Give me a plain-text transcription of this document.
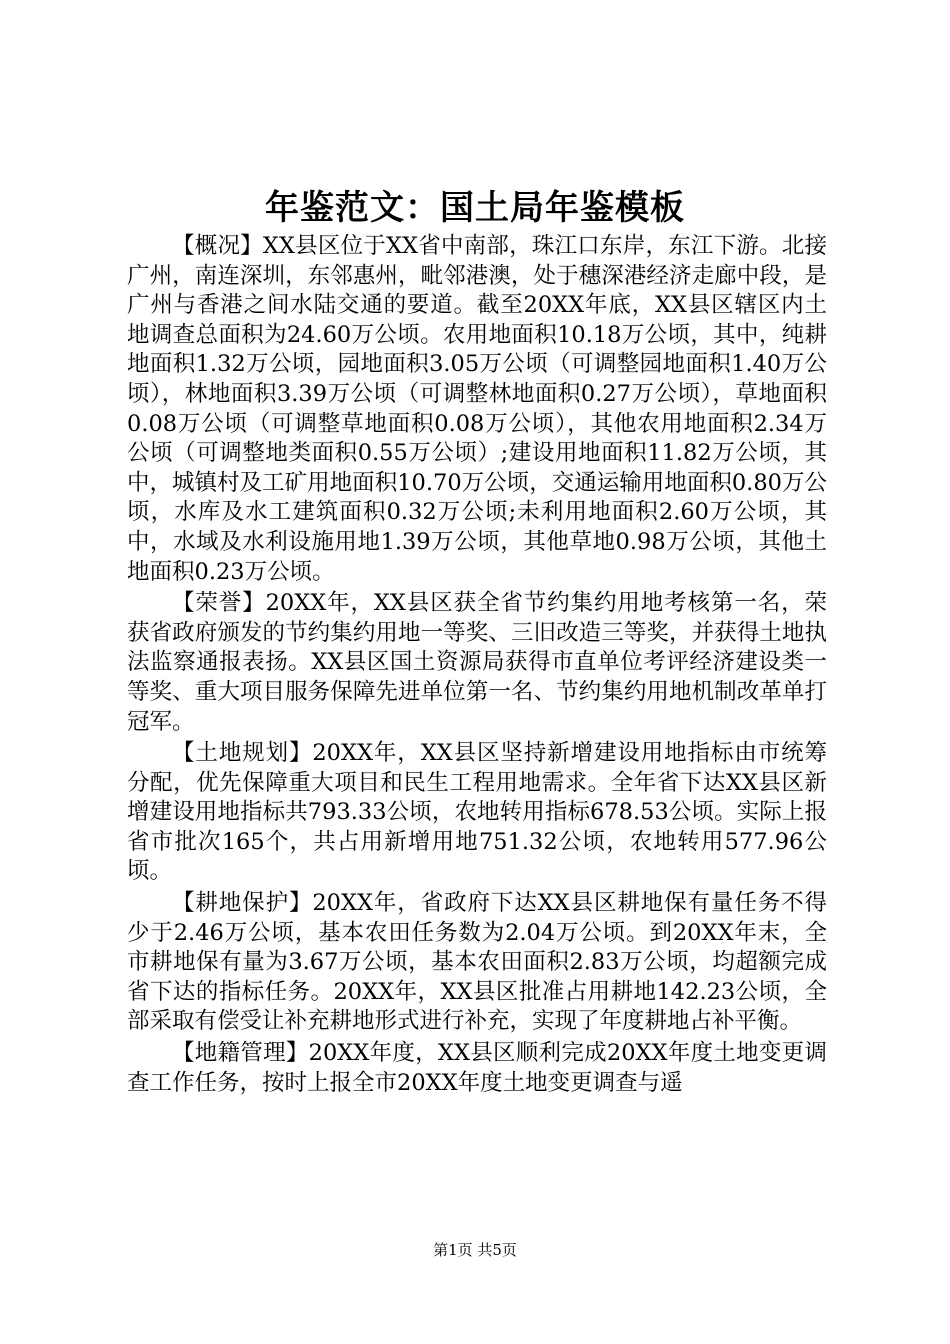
年鉴范文：国土局年鉴模板

【概况】XX县区位于XX省中南部，珠江口东岸，东江下游。北接广州，南连深圳，东邻惠州，毗邻港澳，处于穗深港经济走廊中段，是广州与香港之间水陆交通的要道。截至20XX年底，XX县区辖区内土地调查总面积为24.60万公顷。农用地面积10.18万公顷，其中，纯耕地面积1.32万公顷，园地面积3.05万公顷（可调整园地面积1.40万公顷），林地面积3.39万公顷（可调整林地面积0.27万公顷），草地面积0.08万公顷（可调整草地面积0.08万公顷），其他农用地面积2.34万公顷（可调整地类面积0.55万公顷）;建设用地面积11.82万公顷，其中，城镇村及工矿用地面积10.70万公顷，交通运输用地面积0.80万公顷，水库及水工建筑面积0.32万公顷;未利用地面积2.60万公顷，其中，水域及水利设施用地1.39万公顷，其他草地0.98万公顷，其他土地面积0.23万公顷。

【荣誉】20XX年，XX县区获全省节约集约用地考核第一名，荣获省政府颁发的节约集约用地一等奖、三旧改造三等奖，并获得土地执法监察通报表扬。XX县区国土资源局获得市直单位考评经济建设类一等奖、重大项目服务保障先进单位第一名、节约集约用地机制改革单打冠军。

【土地规划】20XX年，XX县区坚持新增建设用地指标由市统筹分配，优先保障重大项目和民生工程用地需求。全年省下达XX县区新增建设用地指标共793.33公顷，农地转用指标678.53公顷。实际上报省市批次165个，共占用新增用地751.32公顷，农地转用577.96公顷。

【耕地保护】20XX年，省政府下达XX县区耕地保有量任务不得少于2.46万公顷，基本农田任务数为2.04万公顷。到20XX年末，全市耕地保有量为3.67万公顷，基本农田面积2.83万公顷，均超额完成省下达的指标任务。20XX年，XX县区批准占用耕地142.23公顷，全部采取有偿受让补充耕地形式进行补充，实现了年度耕地占补平衡。

【地籍管理】20XX年度，XX县区顺利完成20XX年度土地变更调查工作任务，按时上报全市20XX年度土地变更调查与遥

第1页 共5页
